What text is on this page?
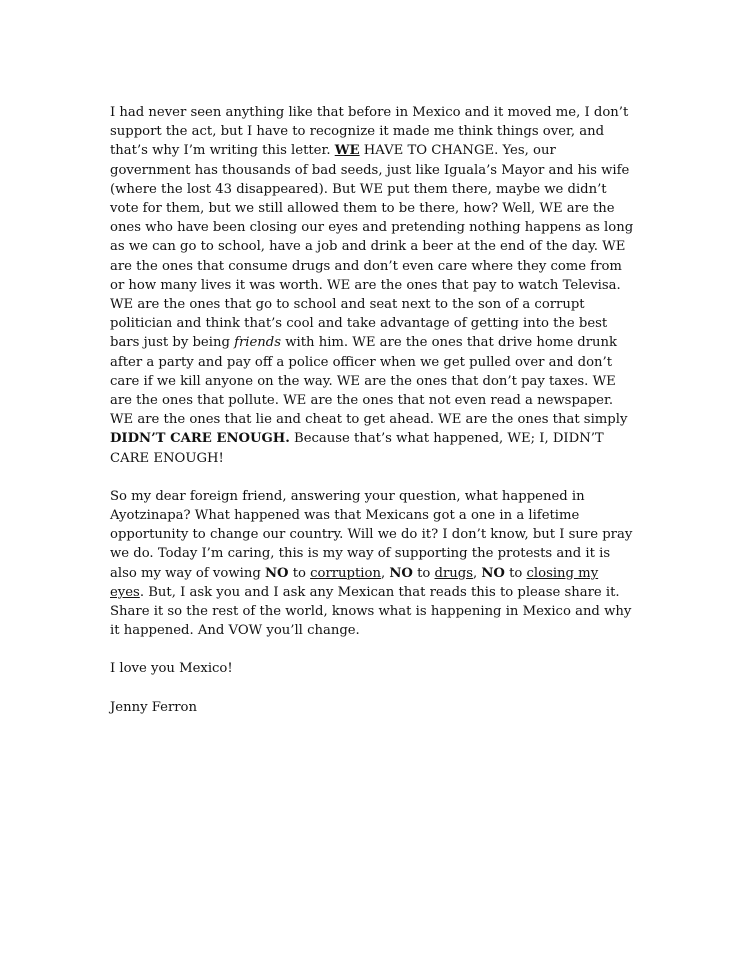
I had never seen anything like that before in Mexico and it moved me, I don’t support the act, but I have to recognize it made me think things over, and that’s why I’m writing this letter. WE HAVE TO CHANGE. Yes, our government has thousands of bad seeds, just like Iguala’s Mayor and his wife (where the lost 43 disappeared). But WE put them there, maybe we didn’t vote for them, but we still allowed them to be there, how? Well, WE are the ones who have been closing our eyes and pretending nothing happens as long as we can go to school, have a job and drink a beer at the end of the day. WE are the ones that consume drugs and don’t even care where they come from or how many lives it was worth. WE are the ones that pay to watch Televisa. WE are the ones that go to school and seat next to the son of a corrupt politician and think that’s cool and take advantage of getting into the best bars just by being friends with him. WE are the ones that drive home drunk after a party and pay off a police officer when we get pulled over and don’t care if we kill anyone on the way. WE are the ones that don’t pay taxes. WE are the ones that pollute. WE are the ones that not even read a newspaper. WE are the ones that lie and cheat to get ahead. WE are the ones that simply DIDN’T CARE ENOUGH. Because that’s what happened, WE; I, DIDN’T CARE ENOUGH!

So my dear foreign friend, answering your question, what happened in Ayotzinapa? What happened was that Mexicans got a one in a lifetime opportunity to change our country. Will we do it? I don’t know, but I sure pray we do. Today I’m caring, this is my way of supporting the protests and it is also my way of vowing NO to corruption, NO to drugs, NO to closing my eyes. But, I ask you and I ask any Mexican that reads this to please share it. Share it so the rest of the world, knows what is happening in Mexico and why it happened. And VOW you’ll change.

I love you Mexico!

Jenny Ferron
